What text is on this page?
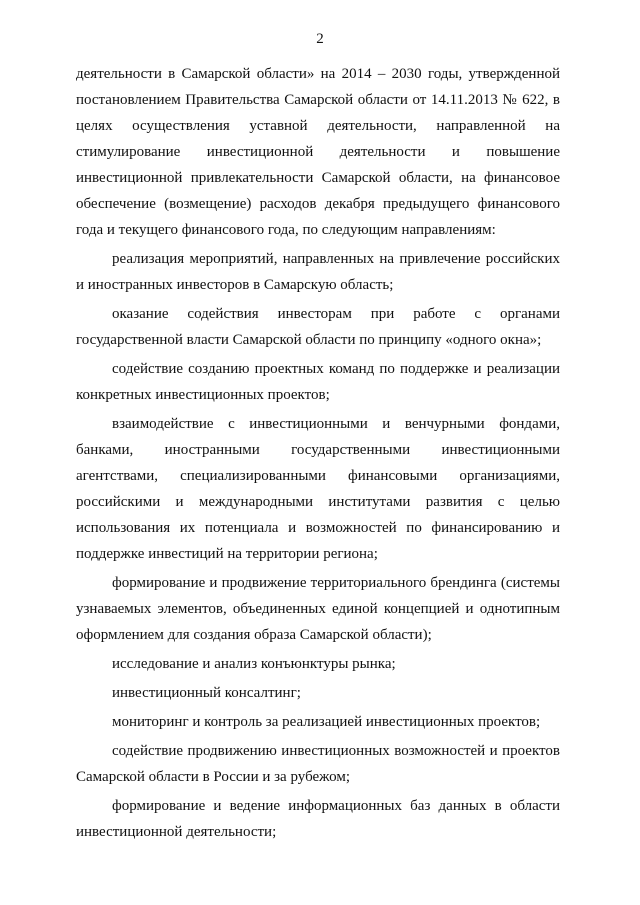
2

деятельности в Самарской области» на 2014 – 2030 годы, утвержденной постановлением Правительства Самарской области от 14.11.2013 № 622, в целях осуществления уставной деятельности, направленной на стимулирование инвестиционной деятельности и повышение инвестиционной привлекательности Самарской области, на финансовое обеспечение (возмещение) расходов декабря предыдущего финансового года и текущего финансового года, по следующим направлениям:

реализация мероприятий, направленных на привлечение российских и иностранных инвесторов в Самарскую область;

оказание содействия инвесторам при работе с органами государственной власти Самарской области по принципу «одного окна»;

содействие созданию проектных команд по поддержке и реализации конкретных инвестиционных проектов;

взаимодействие с инвестиционными и венчурными фондами, банками, иностранными государственными инвестиционными агентствами, специализированными финансовыми организациями, российскими и международными институтами развития с целью использования их потенциала и возможностей по финансированию и поддержке инвестиций на территории региона;

формирование и продвижение территориального брендинга (системы узнаваемых элементов, объединенных единой концепцией и однотипным оформлением для создания образа Самарской области);

исследование и анализ конъюнктуры рынка;

инвестиционный консалтинг;

мониторинг и контроль за реализацией инвестиционных проектов;

содействие продвижению инвестиционных возможностей и проектов Самарской области в России и за рубежом;

формирование и ведение информационных баз данных в области инвестиционной деятельности;
